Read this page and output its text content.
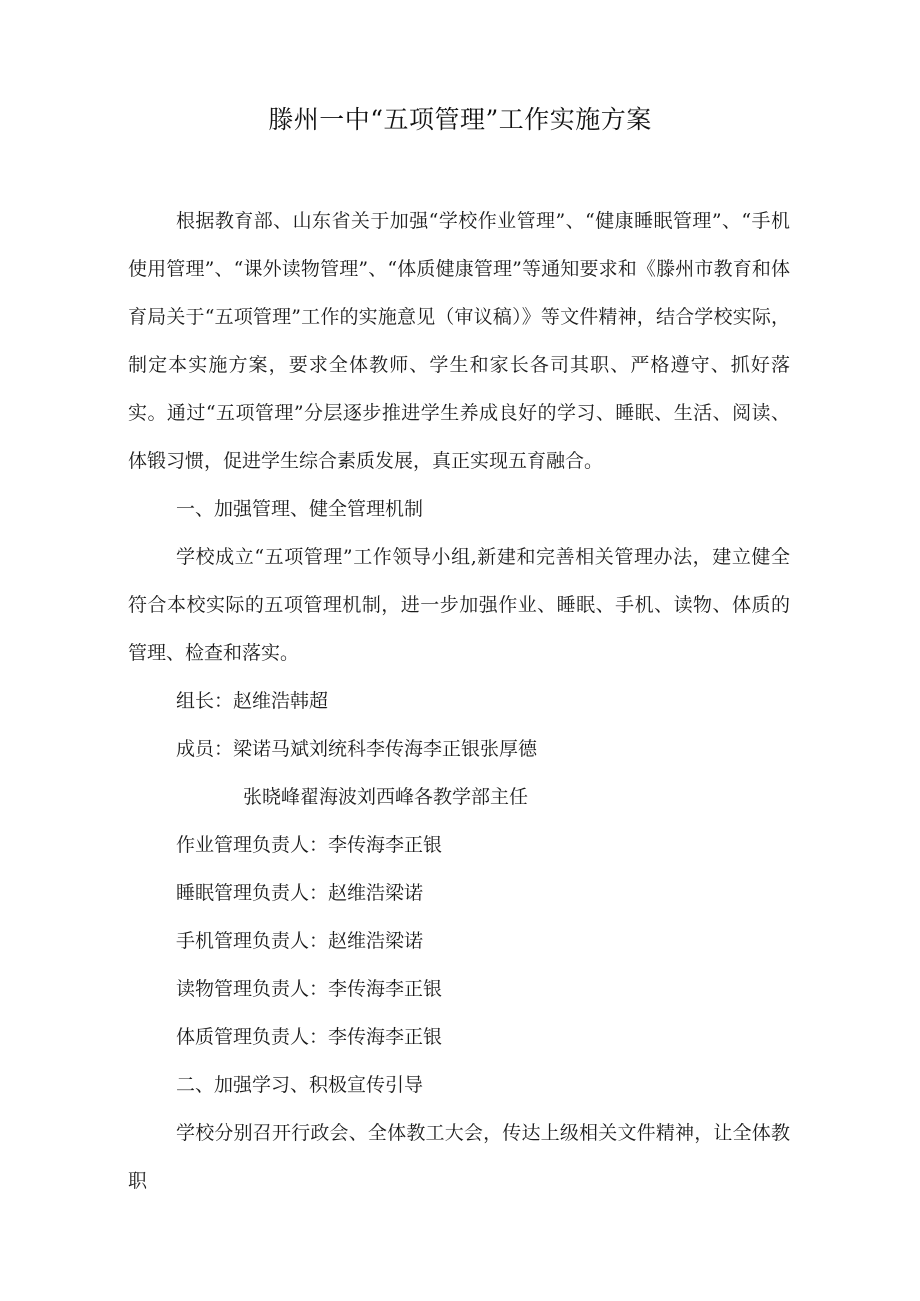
滕州一中“五项管理”工作实施方案

根据教育部、山东省关于加强“学校作业管理”、“健康睡眠管理”、“手机使用管理”、“课外读物管理”、“体质健康管理”等通知要求和《滕州市教育和体育局关于“五项管理”工作的实施意见（审议稿）》等文件精神，结合学校实际，制定本实施方案，要求全体教师、学生和家长各司其职、严格遵守、抓好落实。通过“五项管理”分层逐步推进学生养成良好的学习、睡眠、生活、阅读、体锻习惯，促进学生综合素质发展，真正实现五育融合。

一、加强管理、健全管理机制

学校成立“五项管理”工作领导小组,新建和完善相关管理办法，建立健全符合本校实际的五项管理机制，进一步加强作业、睡眠、手机、读物、体质的管理、检查和落实。

组长：赵维浩韩超

成员：梁诺马斌刘统科李传海李正银张厚德

张晓峰翟海波刘西峰各教学部主任

作业管理负责人：李传海李正银

睡眠管理负责人：赵维浩梁诺

手机管理负责人：赵维浩梁诺

读物管理负责人：李传海李正银

体质管理负责人：李传海李正银

二、加强学习、积极宣传引导

学校分别召开行政会、全体教工大会，传达上级相关文件精神，让全体教职
